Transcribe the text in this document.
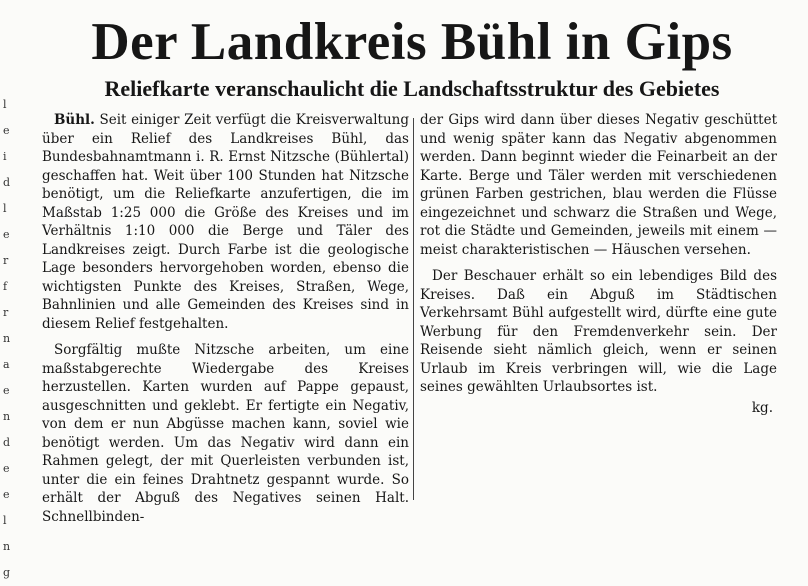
l
e
i
d
l
e
r
f
r
n
a
e
n
d
e
e
l
n
g
Der Landkreis Bühl in Gips
Reliefkarte veranschaulicht die Landschaftsstruktur des Gebietes

Bühl. Seit einiger Zeit verfügt die Kreisverwaltung über ein Relief des Landkreises Bühl, das Bundesbahnamtmann i. R. Ernst Nitzsche (Bühlertal) geschaffen hat. Weit über 100 Stunden hat Nitzsche benötigt, um die Reliefkarte anzufertigen, die im Maßstab 1:25 000 die Größe des Kreises und im Verhältnis 1:10 000 die Berge und Täler des Landkreises zeigt. Durch Farbe ist die geologische Lage besonders hervorgehoben worden, ebenso die wichtigsten Punkte des Kreises, Straßen, Wege, Bahnlinien und alle Gemeinden des Kreises sind in diesem Relief festgehalten.

Sorgfältig mußte Nitzsche arbeiten, um eine maßstabgerechte Wiedergabe des Kreises herzustellen. Karten wurden auf Pappe gepaust, ausgeschnitten und geklebt. Er fertigte ein Negativ, von dem er nun Abgüsse machen kann, soviel wie benötigt werden. Um das Negativ wird dann ein Rahmen gelegt, der mit Querleisten verbunden ist, unter die ein feines Drahtnetz gespannt wurde. So erhält der Abguß des Negatives seinen Halt. Schnellbinden-

der Gips wird dann über dieses Negativ geschüttet und wenig später kann das Negativ abgenommen werden. Dann beginnt wieder die Feinarbeit an der Karte. Berge und Täler werden mit verschiedenen grünen Farben gestrichen, blau werden die Flüsse eingezeichnet und schwarz die Straßen und Wege, rot die Städte und Gemeinden, jeweils mit einem — meist charakteristischen — Häuschen versehen.

Der Beschauer erhält so ein lebendiges Bild des Kreises. Daß ein Abguß im Städtischen Verkehrsamt Bühl aufgestellt wird, dürfte eine gute Werbung für den Fremdenverkehr sein. Der Reisende sieht nämlich gleich, wenn er seinen Urlaub im Kreis verbringen will, wie die Lage seines gewählten Urlaubsortes ist.

kg.
